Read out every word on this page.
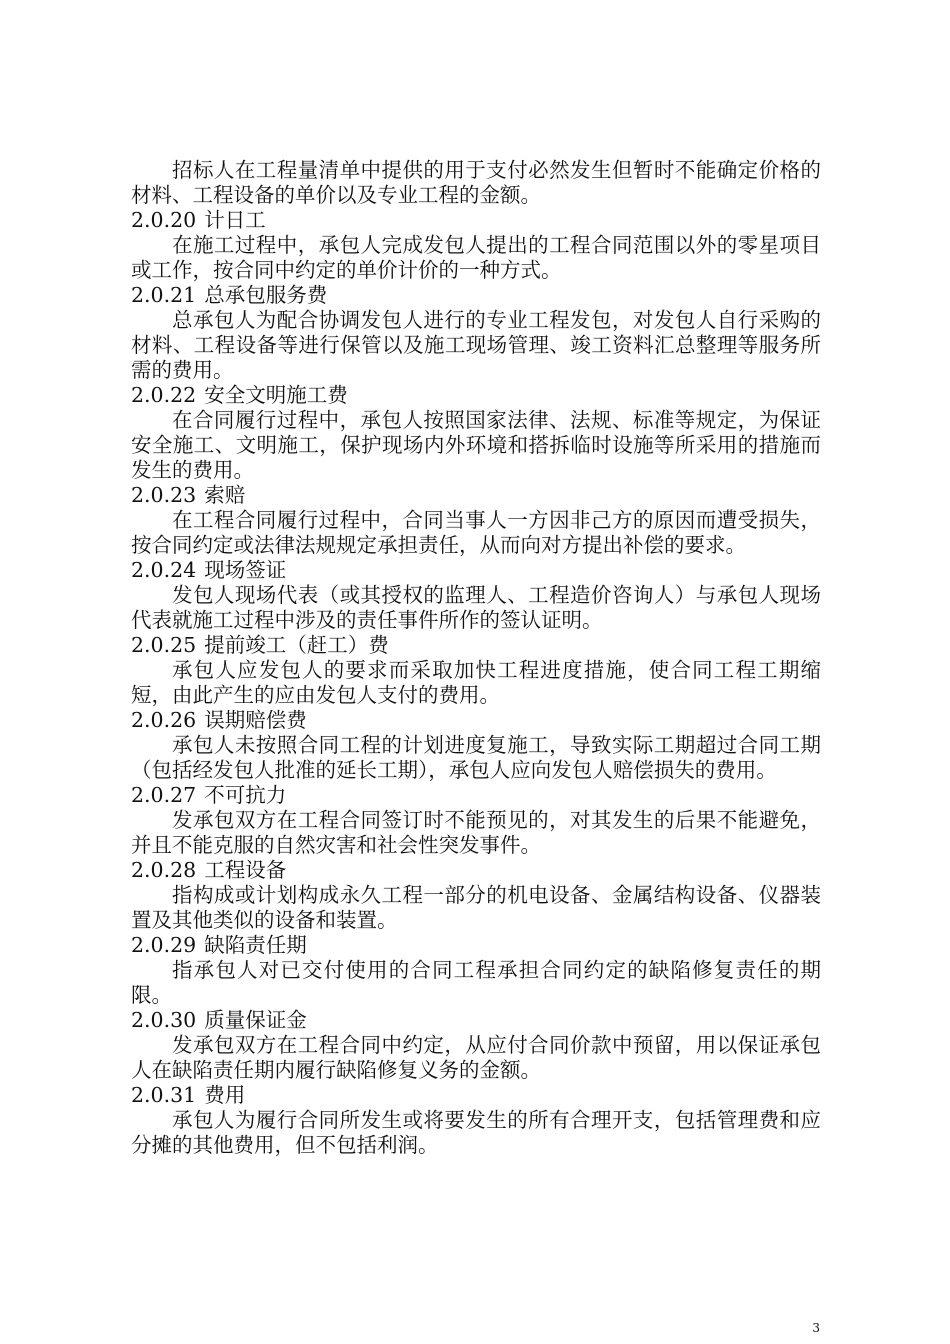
招标人在工程量清单中提供的用于支付必然发生但暂时不能确定价格的材料、工程设备的单价以及专业工程的金额。

2.0.20 计日工

在施工过程中，承包人完成发包人提出的工程合同范围以外的零星项目或工作，按合同中约定的单价计价的一种方式。

2.0.21 总承包服务费

总承包人为配合协调发包人进行的专业工程发包，对发包人自行采购的材料、工程设备等进行保管以及施工现场管理、竣工资料汇总整理等服务所需的费用。

2.0.22 安全文明施工费

在合同履行过程中，承包人按照国家法律、法规、标准等规定，为保证安全施工、文明施工，保护现场内外环境和搭拆临时设施等所采用的措施而发生的费用。

2.0.23 索赔

在工程合同履行过程中，合同当事人一方因非己方的原因而遭受损失，按合同约定或法律法规规定承担责任，从而向对方提出补偿的要求。

2.0.24 现场签证

发包人现场代表（或其授权的监理人、工程造价咨询人）与承包人现场代表就施工过程中涉及的责任事件所作的签认证明。

2.0.25 提前竣工（赶工）费

承包人应发包人的要求而采取加快工程进度措施，使合同工程工期缩短，由此产生的应由发包人支付的费用。

2.0.26 误期赔偿费

承包人未按照合同工程的计划进度复施工，导致实际工期超过合同工期（包括经发包人批准的延长工期），承包人应向发包人赔偿损失的费用。

2.0.27 不可抗力

发承包双方在工程合同签订时不能预见的，对其发生的后果不能避免，并且不能克服的自然灾害和社会性突发事件。

2.0.28 工程设备

指构成或计划构成永久工程一部分的机电设备、金属结构设备、仪器装置及其他类似的设备和装置。

2.0.29 缺陷责任期

指承包人对已交付使用的合同工程承担合同约定的缺陷修复责任的期限。

2.0.30 质量保证金

发承包双方在工程合同中约定，从应付合同价款中预留，用以保证承包人在缺陷责任期内履行缺陷修复义务的金额。

2.0.31 费用

承包人为履行合同所发生或将要发生的所有合理开支，包括管理费和应分摊的其他费用，但不包括利润。

3
